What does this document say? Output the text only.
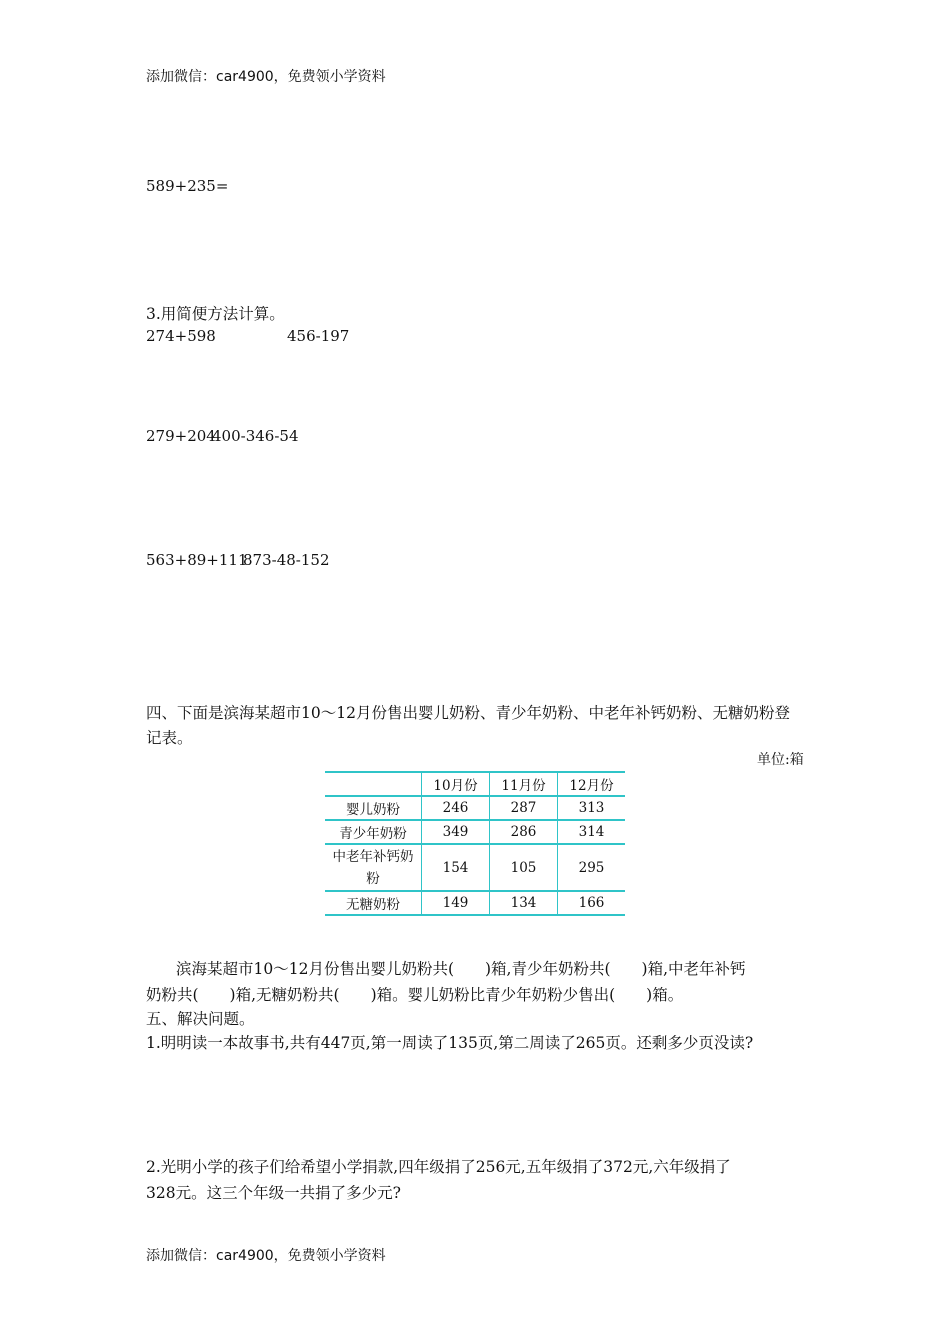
添加微信：car4900，免费领小学资料
589+235=
3.用简便方法计算。
274+598	456-197
279+204
400-346-54
563+89+111
873-48-152
四、下面是滨海某超市10～12月份售出婴儿奶粉、青少年奶粉、中老年补钙奶粉、无糖奶粉登
记表。
单位:箱
	10月份	11月份	12月份
婴儿奶粉	246	287	313
青少年奶粉	349	286	314

中老年补钙奶
粉	154	105	295
无糖奶粉	149	134	166
滨海某超市10～12月份售出婴儿奶粉共(　　)箱,青少年奶粉共(　　)箱,中老年补钙
奶粉共(　　)箱,无糖奶粉共(　　)箱。婴儿奶粉比青少年奶粉少售出(　　)箱。
五、解决问题。
1.明明读一本故事书,共有447页,第一周读了135页,第二周读了265页。还剩多少页没读?
2.光明小学的孩子们给希望小学捐款,四年级捐了256元,五年级捐了372元,六年级捐了
328元。这三个年级一共捐了多少元?
添加微信：car4900，免费领小学资料
